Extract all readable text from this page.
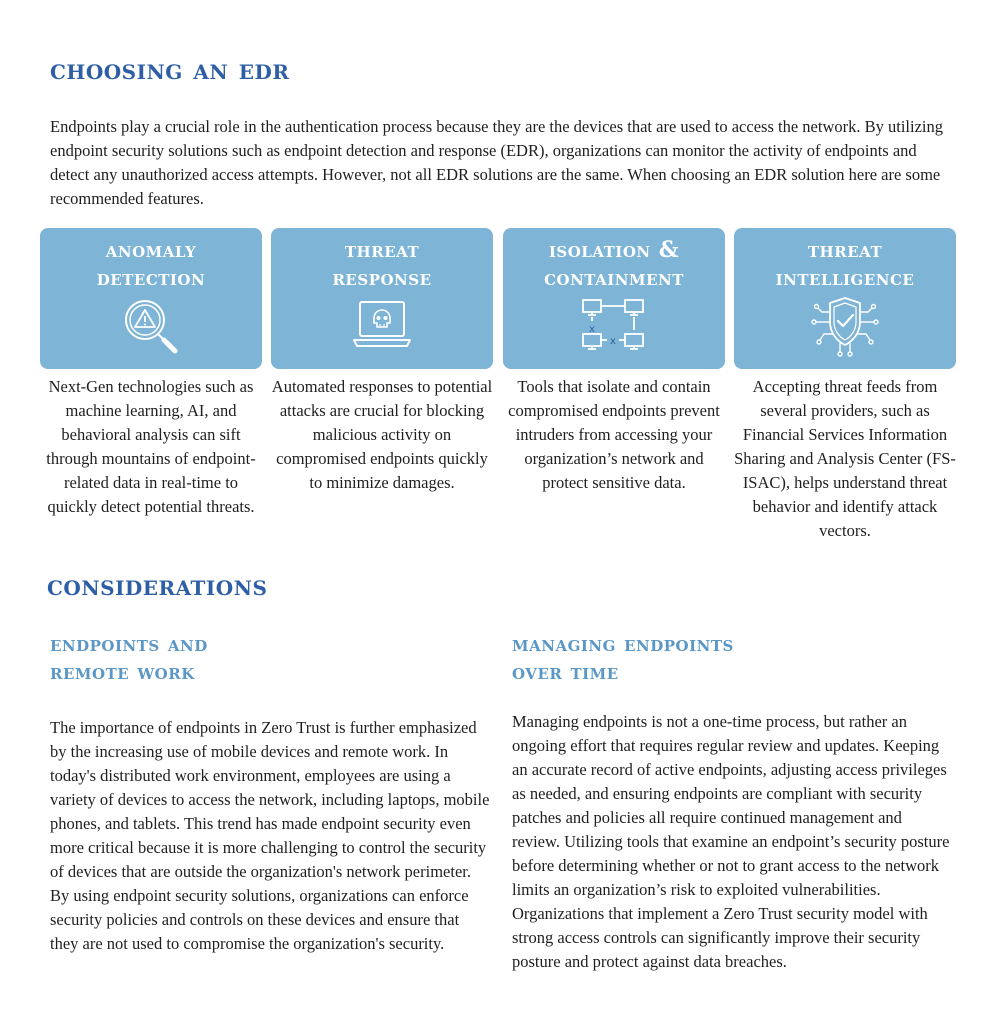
choosing an edr

Endpoints play a crucial role in the authentication process because they are the devices that are used to access the network. By utilizing endpoint security solutions such as endpoint detection and response (EDR), organizations can monitor the activity of endpoints and detect any unauthorized access attempts. However, not all EDR solutions are the same. When choosing an EDR solution here are some recommended features.

anomaly
detection
threat
response
isolation &
containment
x
x
threat
intelligence

Next-Gen technologies such as machine learning, AI, and behavioral analysis can sift through mountains of endpoint-related data in real-time to quickly detect potential threats.

Automated responses to potential attacks are crucial for blocking malicious activity on compromised endpoints quickly to minimize damages.

Tools that isolate and contain compromised endpoints prevent intruders from accessing your organization’s network and protect sensitive data.

Accepting threat feeds from several providers, such as Financial Services Information Sharing and Analysis Center (FS-ISAC), helps understand threat behavior and identify attack vectors.

considerations
endpoints and
remote work

The importance of endpoints in Zero Trust is further emphasized by the increasing use of mobile devices and remote work. In today's distributed work environment, employees are using a variety of devices to access the network, including laptops, mobile phones, and tablets. This trend has made endpoint security even more critical because it is more challenging to control the security of devices that are outside the organization's network perimeter. By using endpoint security solutions, organizations can enforce security policies and controls on these devices and ensure that they are not used to compromise the organization's security.

managing endpoints
over time

Managing endpoints is not a one-time process, but rather an ongoing effort that requires regular review and updates. Keeping an accurate record of active endpoints, adjusting access privileges as needed, and ensuring endpoints are compliant with security patches and policies all require continued management and review. Utilizing tools that examine an endpoint’s security posture before determining whether or not to grant access to the network limits an organization’s risk to exploited vulnerabilities. Organizations that implement a Zero Trust security model with strong access controls can significantly improve their security posture and protect against data breaches.
